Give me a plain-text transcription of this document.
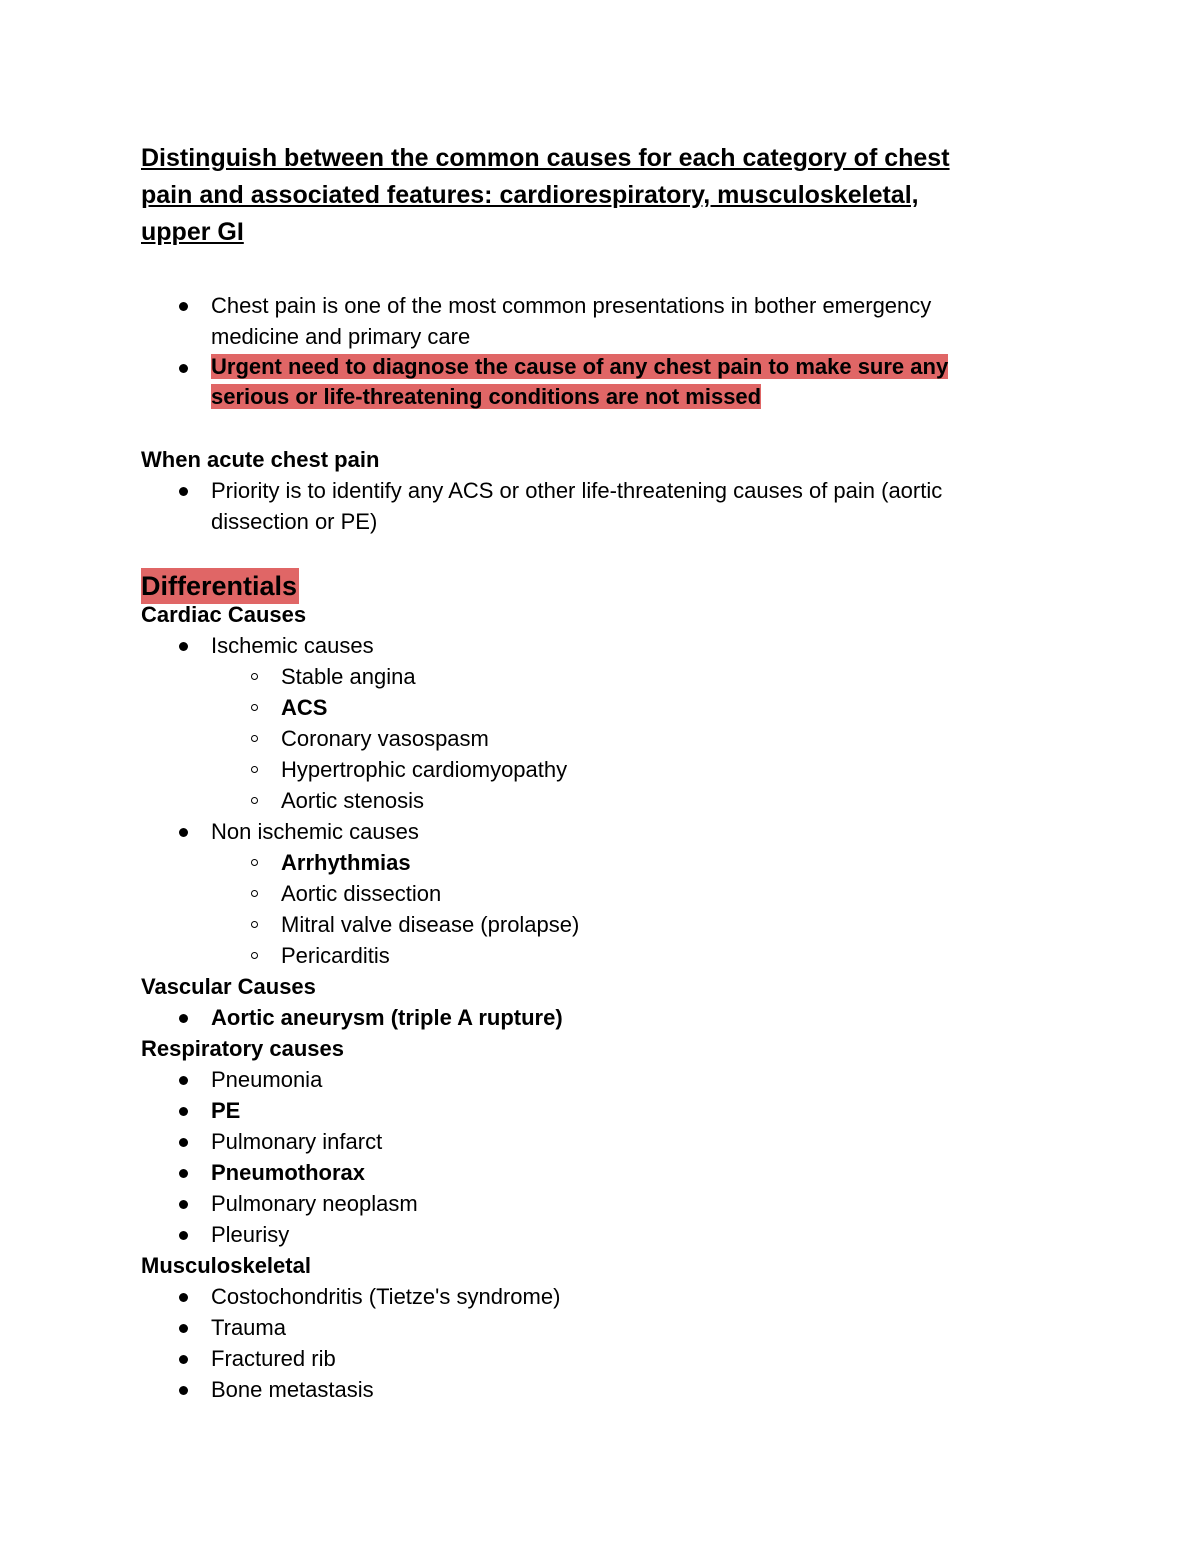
Distinguish between the common causes for each category of chest
pain and associated features: cardiorespiratory, musculoskeletal,
upper GI
Chest pain is one of the most common presentations in bother emergency medicine and primary care
Urgent need to diagnose the cause of any chest pain to make sure any serious or life-threatening conditions are not missed

When acute chest pain

Priority is to identify any ACS or other life-threatening causes of pain (aortic dissection or PE)
Differentials

Cardiac Causes

Ischemic causes
Stable angina
ACS
Coronary vasospasm
Hypertrophic cardiomyopathy
Aortic stenosis
Non ischemic causes
Arrhythmias
Aortic dissection
Mitral valve disease (prolapse)
Pericarditis

Vascular Causes

Aortic aneurysm (triple A rupture)

Respiratory causes

Pneumonia
PE
Pulmonary infarct
Pneumothorax
Pulmonary neoplasm
Pleurisy

Musculoskeletal

Costochondritis (Tietze's syndrome)
Trauma
Fractured rib
Bone metastasis
